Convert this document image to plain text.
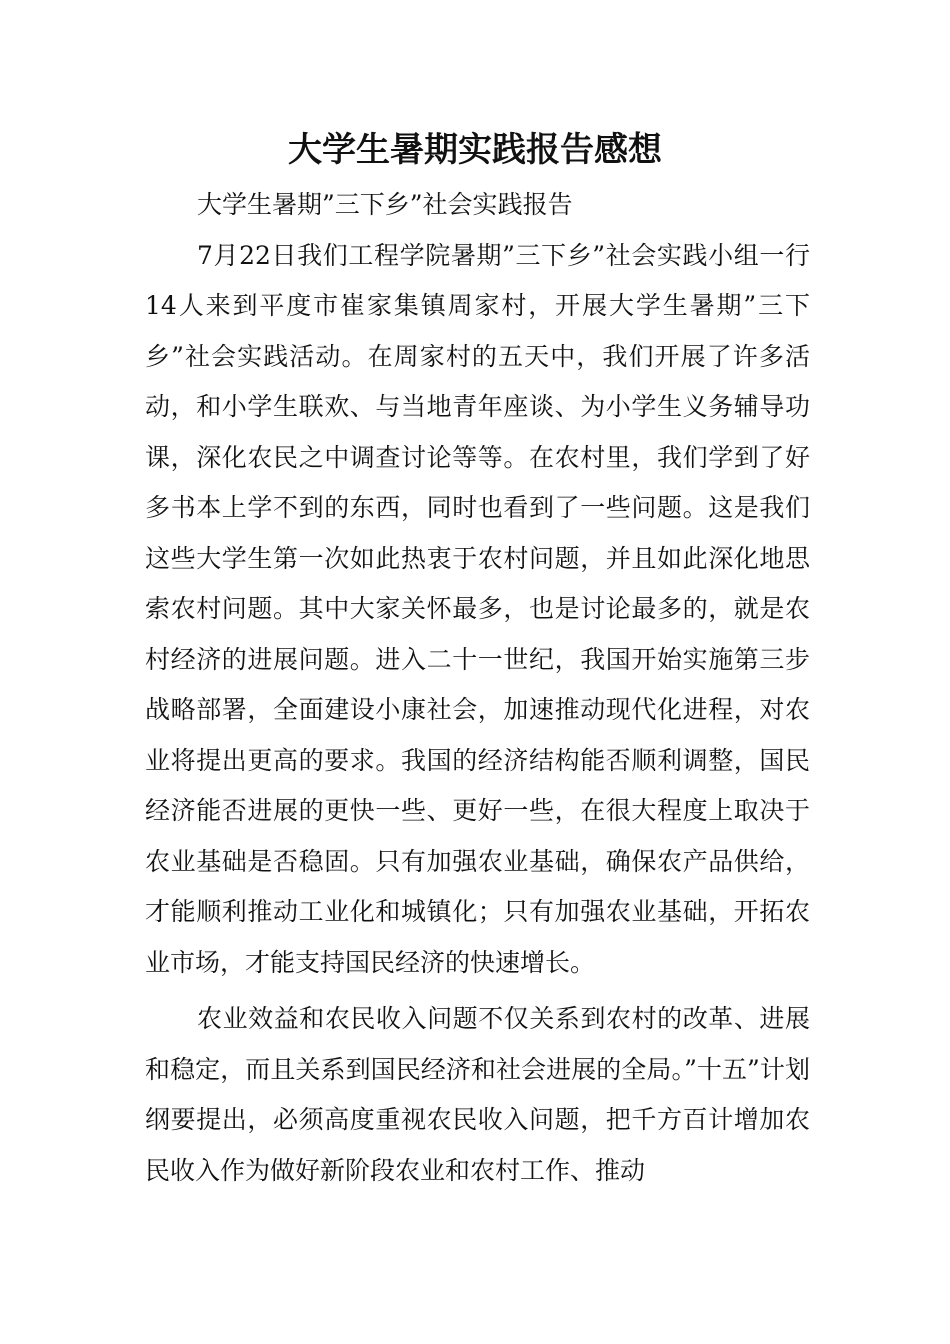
大学生暑期实践报告感想

大学生暑期”三下乡”社会实践报告

7月22日我们工程学院暑期”三下乡”社会实践小组一行14人来到平度市崔家集镇周家村，开展大学生暑期”三下乡”社会实践活动。在周家村的五天中，我们开展了许多活动，和小学生联欢、与当地青年座谈、为小学生义务辅导功课，深化农民之中调查讨论等等。在农村里，我们学到了好多书本上学不到的东西，同时也看到了一些问题。这是我们这些大学生第一次如此热衷于农村问题，并且如此深化地思索农村问题。其中大家关怀最多，也是讨论最多的，就是农村经济的进展问题。进入二十一世纪，我国开始实施第三步战略部署，全面建设小康社会，加速推动现代化进程，对农业将提出更高的要求。我国的经济结构能否顺利调整，国民经济能否进展的更快一些、更好一些，在很大程度上取决于农业基础是否稳固。只有加强农业基础，确保农产品供给，才能顺利推动工业化和城镇化；只有加强农业基础，开拓农业市场，才能支持国民经济的快速增长。

农业效益和农民收入问题不仅关系到农村的改革、进展和稳定，而且关系到国民经济和社会进展的全局。”十五”计划纲要提出，必须高度重视农民收入问题，把千方百计增加农民收入作为做好新阶段农业和农村工作、推动
